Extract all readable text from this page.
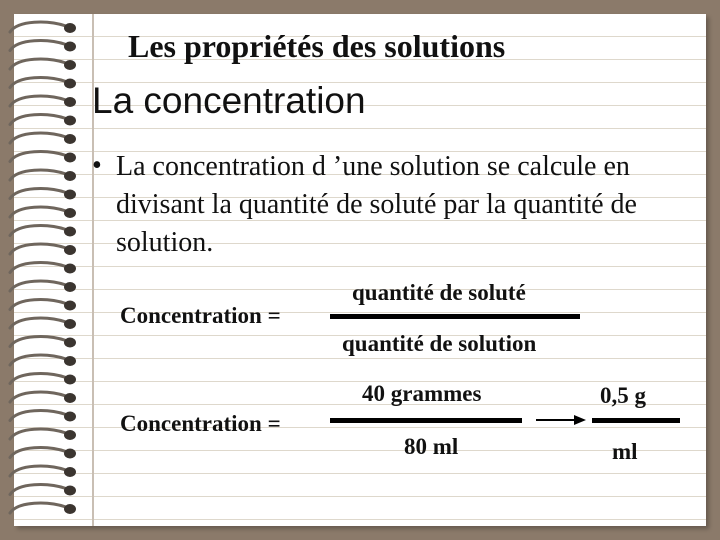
Les propriétés des solutions
La concentration
• La concentration d ’une solution se calcule en divisant la quantité de soluté par la quantité de solution.
Concentration =
quantité de soluté
quantité de solution
Concentration =
40 grammes
80 ml
0,5 g
ml
